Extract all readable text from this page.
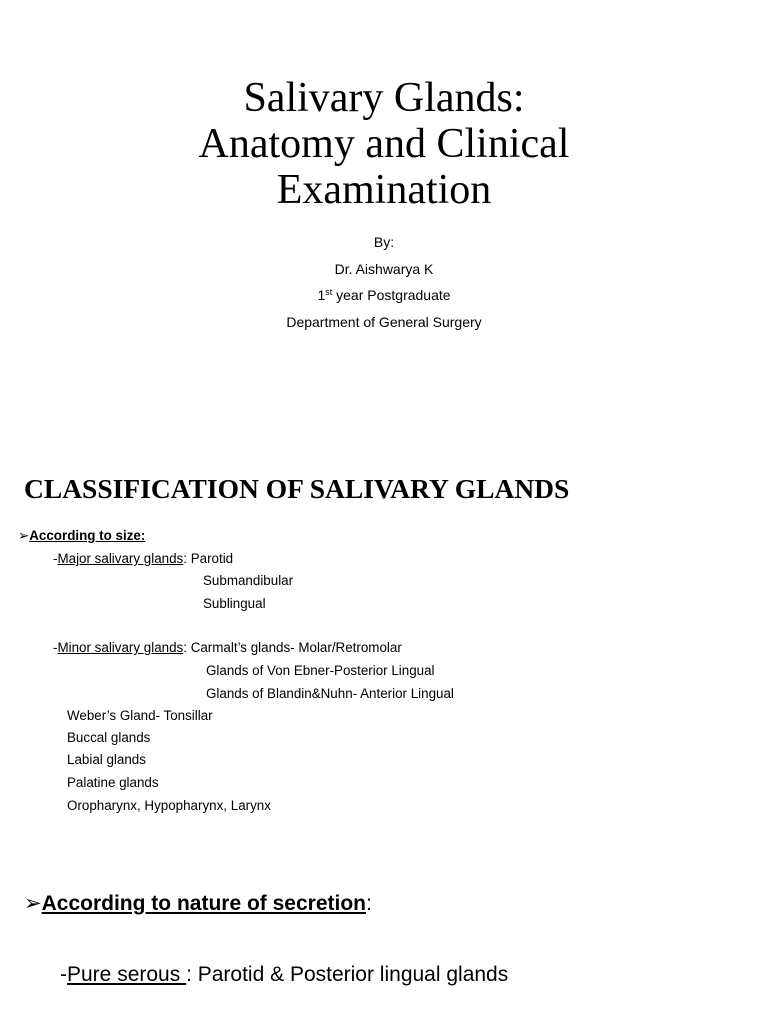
Salivary Glands:
Anatomy and Clinical
Examination
By:
Dr. Aishwarya K
1st year Postgraduate
Department of General Surgery
CLASSIFICATION OF SALIVARY GLANDS
➢According to size:
-Major salivary glands: Parotid
Submandibular
Sublingual
-Minor salivary glands: Carmalt’s glands- Molar/Retromolar
Glands of Von Ebner-Posterior Lingual
Glands of Blandin&Nuhn- Anterior Lingual
Weber’s Gland- Tonsillar
Buccal glands
Labial glands
Palatine glands
Oropharynx, Hypopharynx, Larynx
➢According to nature of secretion:
-Pure serous : Parotid & Posterior lingual glands
